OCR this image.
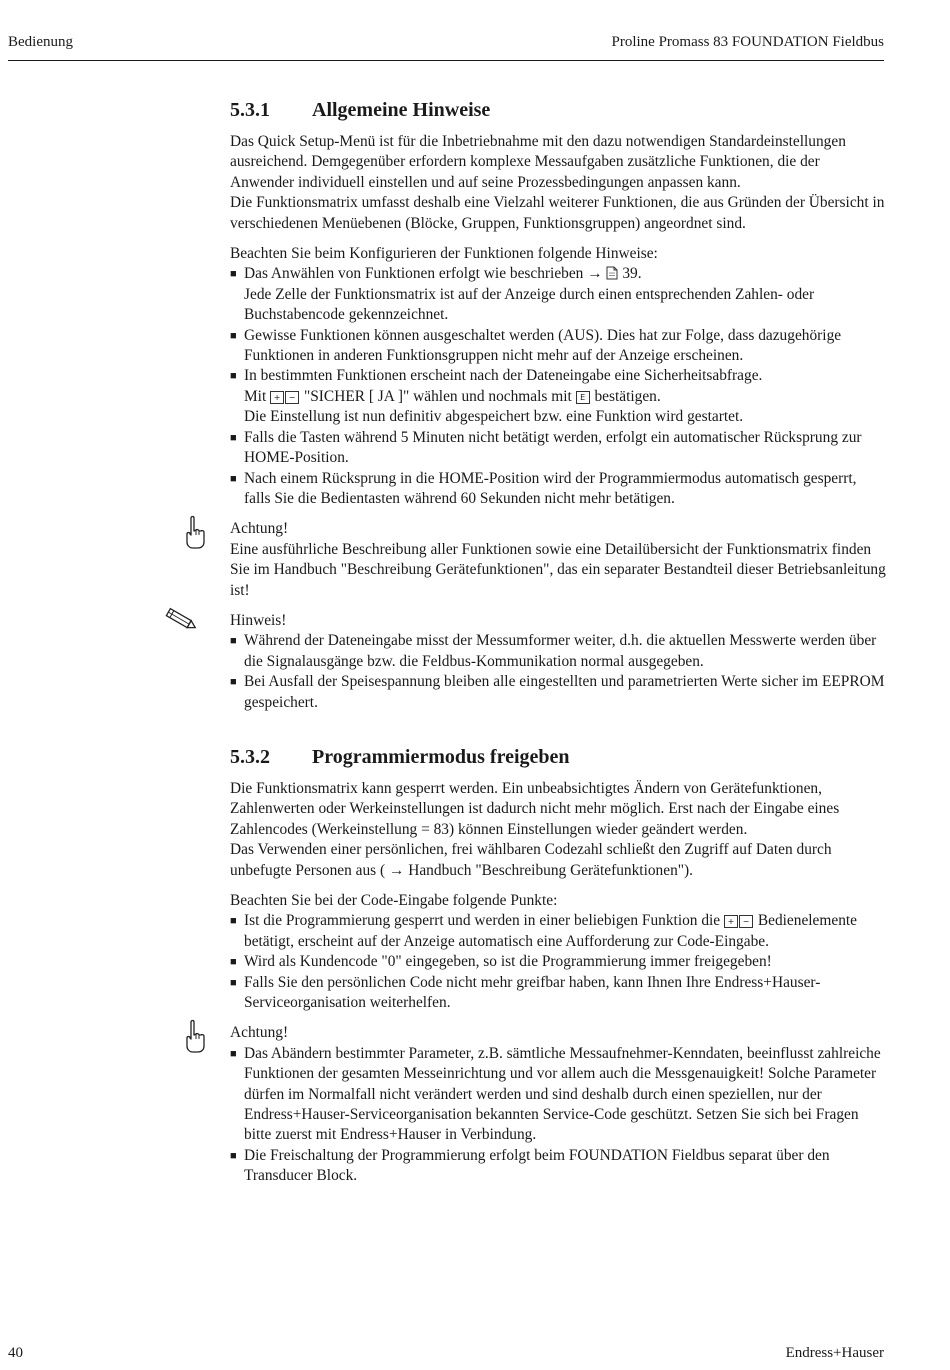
Bedienung	Proline Promass 83 FOUNDATION Fieldbus
5.3.1 Allgemeine Hinweise

Das Quick Setup-Menü ist für die Inbetriebnahme mit den dazu notwendigen Standardeinstellungen ausreichend. Demgegenüber erfordern komplexe Messaufgaben zusätzliche Funktionen, die der Anwender individuell einstellen und auf seine Prozessbedingungen anpassen kann.

Die Funktionsmatrix umfasst deshalb eine Vielzahl weiterer Funktionen, die aus Gründen der Übersicht in verschiedenen Menüebenen (Blöcke, Gruppen, Funktionsgruppen) angeordnet sind.

Beachten Sie beim Konfigurieren der Funktionen folgende Hinweise:

■ Das Anwählen von Funktionen erfolgt wie beschrieben → 39.
Jede Zelle der Funktionsmatrix ist auf der Anzeige durch einen entsprechenden Zahlen- oder Buchstabencode gekennzeichnet.
■ Gewisse Funktionen können ausgeschaltet werden (AUS). Dies hat zur Folge, dass dazugehörige Funktionen in anderen Funktionsgruppen nicht mehr auf der Anzeige erscheinen.
■ In bestimmten Funktionen erscheint nach der Dateneingabe eine Sicherheitsabfrage.
Mit + − "SICHER [ JA ]" wählen und nochmals mit E bestätigen.
Die Einstellung ist nun definitiv abgespeichert bzw. eine Funktion wird gestartet.
■ Falls die Tasten während 5 Minuten nicht betätigt werden, erfolgt ein automatischer Rücksprung zur HOME-Position.
■ Nach einem Rücksprung in die HOME-Position wird der Programmiermodus automatisch gesperrt, falls Sie die Bedientasten während 60 Sekunden nicht mehr betätigen.

Achtung!

Eine ausführliche Beschreibung aller Funktionen sowie eine Detailübersicht der Funktionsmatrix finden Sie im Handbuch "Beschreibung Gerätefunktionen", das ein separater Bestandteil dieser Betriebsanleitung ist!

Hinweis!

■ Während der Dateneingabe misst der Messumformer weiter, d.h. die aktuellen Messwerte werden über die Signalausgänge bzw. die Feldbus-Kommunikation normal ausgegeben.
■ Bei Ausfall der Speisespannung bleiben alle eingestellten und parametrierten Werte sicher im EEPROM gespeichert.
5.3.2 Programmiermodus freigeben

Die Funktionsmatrix kann gesperrt werden. Ein unbeabsichtigtes Ändern von Gerätefunktionen, Zahlenwerten oder Werkeinstellungen ist dadurch nicht mehr möglich. Erst nach der Eingabe eines Zahlencodes (Werkeinstellung = 83) können Einstellungen wieder geändert werden.

Das Verwenden einer persönlichen, frei wählbaren Codezahl schließt den Zugriff auf Daten durch unbefugte Personen aus ( → Handbuch "Beschreibung Gerätefunktionen").

Beachten Sie bei der Code-Eingabe folgende Punkte:

■ Ist die Programmierung gesperrt und werden in einer beliebigen Funktion die + − Bedienelemente betätigt, erscheint auf der Anzeige automatisch eine Aufforderung zur Code-Eingabe.
■ Wird als Kundencode "0" eingegeben, so ist die Programmierung immer freigegeben!
■ Falls Sie den persönlichen Code nicht mehr greifbar haben, kann Ihnen Ihre Endress+Hauser-Serviceorganisation weiterhelfen.

Achtung!

■ Das Abändern bestimmter Parameter, z.B. sämtliche Messaufnehmer-Kenndaten, beeinflusst zahlreiche Funktionen der gesamten Messeinrichtung und vor allem auch die Messgenauigkeit! Solche Parameter dürfen im Normalfall nicht verändert werden und sind deshalb durch einen speziellen, nur der Endress+Hauser-Serviceorganisation bekannten Service-Code geschützt. Setzen Sie sich bei Fragen bitte zuerst mit Endress+Hauser in Verbindung.
■ Die Freischaltung der Programmierung erfolgt beim FOUNDATION Fieldbus separat über den Transducer Block.
40	Endress+Hauser
